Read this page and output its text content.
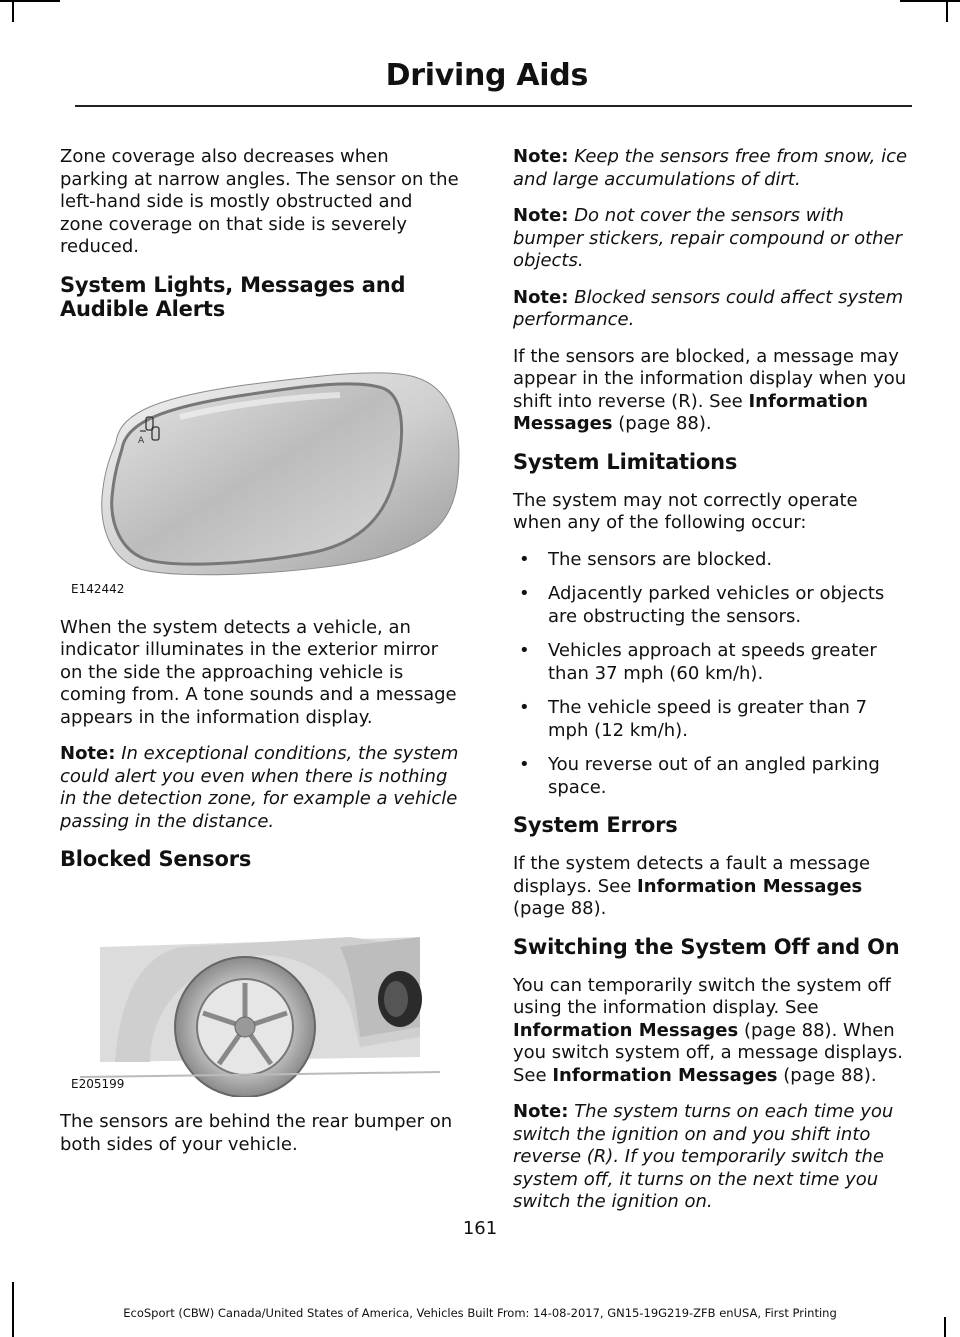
Driving Aids

Zone coverage also decreases when parking at narrow angles. The sensor on the left-hand side is mostly obstructed and zone coverage on that side is severely reduced.

System Lights, Messages and Audible Alerts
A
E142442

When the system detects a vehicle, an indicator illuminates in the exterior mirror on the side the approaching vehicle is coming from. A tone sounds and a message appears in the information display.

Note: In exceptional conditions, the system could alert you even when there is nothing in the detection zone, for example a vehicle passing in the distance.

Blocked Sensors
E205199

The sensors are behind the rear bumper on both sides of your vehicle.

Note: Keep the sensors free from snow, ice and large accumulations of dirt.

Note: Do not cover the sensors with bumper stickers, repair compound or other objects.

Note: Blocked sensors could affect system performance.

If the sensors are blocked, a message may appear in the information display when you shift into reverse (R). See Information Messages (page 88).

System Limitations

The system may not correctly operate when any of the following occur:

• The sensors are blocked.
• Adjacently parked vehicles or objects are obstructing the sensors.
• Vehicles approach at speeds greater than 37 mph (60 km/h).
• The vehicle speed is greater than 7 mph (12 km/h).
• You reverse out of an angled parking space.
System Errors

If the system detects a fault a message displays. See Information Messages (page 88).

Switching the System Off and On

You can temporarily switch the system off using the information display. See Information Messages (page 88). When you switch system off, a message displays. See Information Messages (page 88).

Note: The system turns on each time you switch the ignition on and you shift into reverse (R). If you temporarily switch the system off, it turns on the next time you switch the ignition on.

161
EcoSport (CBW) Canada/United States of America, Vehicles Built From: 14-08-2017, GN15-19G219-ZFB enUSA, First Printing
